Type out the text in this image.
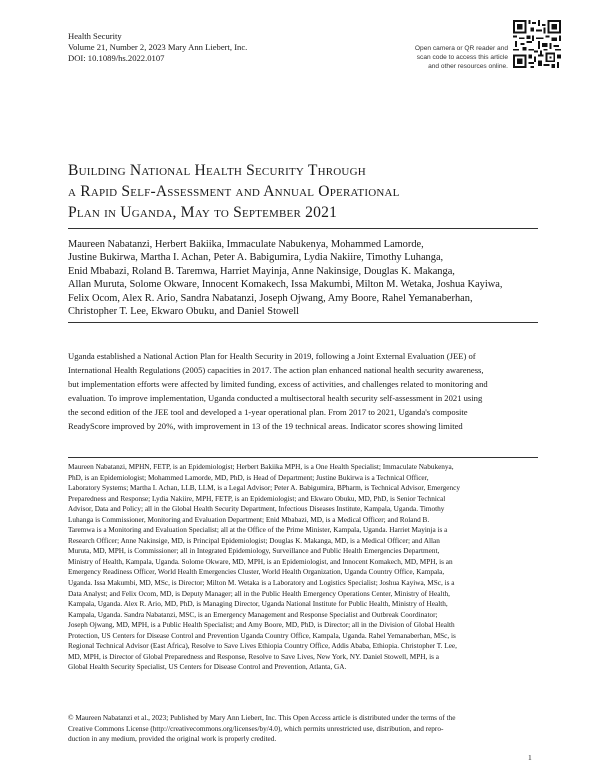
Health Security
Volume 21, Number 2, 2023 Mary Ann Liebert, Inc.
DOI: 10.1089/hs.2022.0107
Open camera or QR reader and
scan code to access this article
and other resources online.
Building National Health Security Through
a Rapid Self-Assessment and Annual Operational
Plan in Uganda, May to September 2021
Maureen Nabatanzi, Herbert Bakiika, Immaculate Nabukenya, Mohammed Lamorde,
Justine Bukirwa, Martha I. Achan, Peter A. Babigumira, Lydia Nakiire, Timothy Luhanga,
Enid Mbabazi, Roland B. Taremwa, Harriet Mayinja, Anne Nakinsige, Douglas K. Makanga,
Allan Muruta, Solome Okware, Innocent Komakech, Issa Makumbi, Milton M. Wetaka, Joshua Kayiwa,
Felix Ocom, Alex R. Ario, Sandra Nabatanzi, Joseph Ojwang, Amy Boore, Rahel Yemanaberhan,
Christopher T. Lee, Ekwaro Obuku, and Daniel Stowell
Uganda established a National Action Plan for Health Security in 2019, following a Joint External Evaluation (JEE) of
International Health Regulations (2005) capacities in 2017. The action plan enhanced national health security awareness,
but implementation efforts were affected by limited funding, excess of activities, and challenges related to monitoring and
evaluation. To improve implementation, Uganda conducted a multisectoral health security self-assessment in 2021 using
the second edition of the JEE tool and developed a 1-year operational plan. From 2017 to 2021, Uganda's composite
ReadyScore improved by 20%, with improvement in 13 of the 19 technical areas. Indicator scores showing limited
Maureen Nabatanzi, MPHN, FETP, is an Epidemiologist; Herbert Bakiika MPH, is a One Health Specialist; Immaculate Nabukenya,
PhD, is an Epidemiologist; Mohammed Lamorde, MD, PhD, is Head of Department; Justine Bukirwa is a Technical Officer,
Laboratory Systems; Martha I. Achan, LLB, LLM, is a Legal Advisor; Peter A. Babigumira, BPharm, is Technical Advisor, Emergency
Preparedness and Response; Lydia Nakiire, MPH, FETP, is an Epidemiologist; and Ekwaro Obuku, MD, PhD, is Senior Technical
Advisor, Data and Policy; all in the Global Health Security Department, Infectious Diseases Institute, Kampala, Uganda. Timothy
Luhanga is Commissioner, Monitoring and Evaluation Department; Enid Mbabazi, MD, is a Medical Officer; and Roland B.
Taremwa is a Monitoring and Evaluation Specialist; all at the Office of the Prime Minister, Kampala, Uganda. Harriet Mayinja is a
Research Officer; Anne Nakinsige, MD, is Principal Epidemiologist; Douglas K. Makanga, MD, is a Medical Officer; and Allan
Muruta, MD, MPH, is Commissioner; all in Integrated Epidemiology, Surveillance and Public Health Emergencies Department,
Ministry of Health, Kampala, Uganda. Solome Okware, MD, MPH, is an Epidemiologist, and Innocent Komakech, MD, MPH, is an
Emergency Readiness Officer, World Health Emergencies Cluster, World Health Organization, Uganda Country Office, Kampala,
Uganda. Issa Makumbi, MD, MSc, is Director; Milton M. Wetaka is a Laboratory and Logistics Specialist; Joshua Kayiwa, MSc, is a
Data Analyst; and Felix Ocom, MD, is Deputy Manager; all in the Public Health Emergency Operations Center, Ministry of Health,
Kampala, Uganda. Alex R. Ario, MD, PhD, is Managing Director, Uganda National Institute for Public Health, Ministry of Health,
Kampala, Uganda. Sandra Nabatanzi, MSC, is an Emergency Management and Response Specialist and Outbreak Coordinator;
Joseph Ojwang, MD, MPH, is a Public Health Specialist; and Amy Boore, MD, PhD, is Director; all in the Division of Global Health
Protection, US Centers for Disease Control and Prevention Uganda Country Office, Kampala, Uganda. Rahel Yemanaberhan, MSc, is
Regional Technical Advisor (East Africa), Resolve to Save Lives Ethiopia Country Office, Addis Ababa, Ethiopia. Christopher T. Lee,
MD, MPH, is Director of Global Preparedness and Response, Resolve to Save Lives, New York, NY. Daniel Stowell, MPH, is a
Global Health Security Specialist, US Centers for Disease Control and Prevention, Atlanta, GA.
© Maureen Nabatanzi et al., 2023; Published by Mary Ann Liebert, Inc. This Open Access article is distributed under the terms of the
Creative Commons License (http://creativecommons.org/licenses/by/4.0), which permits unrestricted use, distribution, and repro-
duction in any medium, provided the original work is properly credited.
1
